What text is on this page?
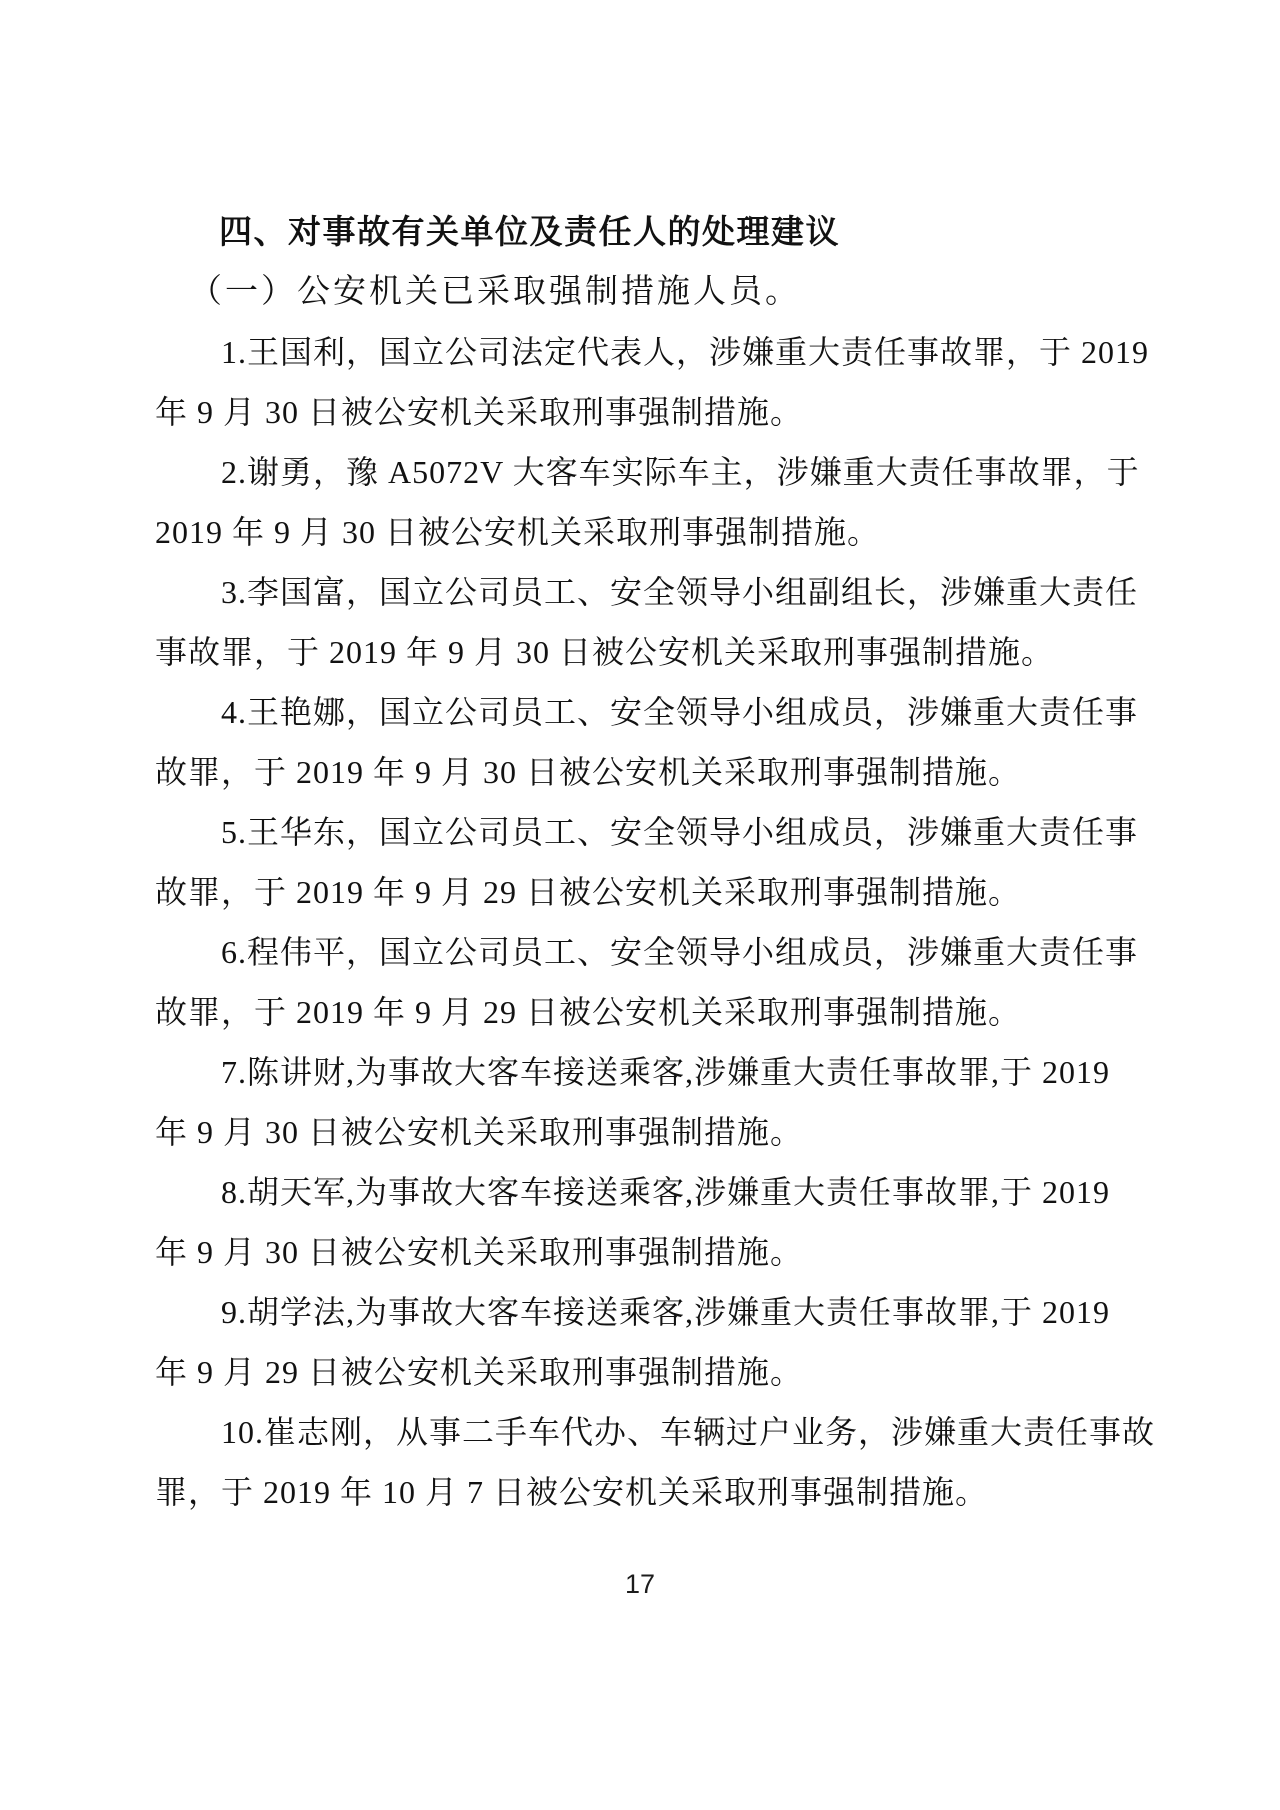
四、对事故有关单位及责任人的处理建议
（一）公安机关已采取强制措施人员。
1.王国利，国立公司法定代表人，涉嫌重大责任事故罪，于 2019
年 9 月 30 日被公安机关采取刑事强制措施。
2.谢勇，豫 A5072V 大客车实际车主，涉嫌重大责任事故罪，于
2019 年 9 月 30 日被公安机关采取刑事强制措施。
3.李国富，国立公司员工、安全领导小组副组长，涉嫌重大责任
事故罪，于 2019 年 9 月 30 日被公安机关采取刑事强制措施。
4.王艳娜，国立公司员工、安全领导小组成员，涉嫌重大责任事
故罪，于 2019 年 9 月 30 日被公安机关采取刑事强制措施。
5.王华东，国立公司员工、安全领导小组成员，涉嫌重大责任事
故罪，于 2019 年 9 月 29 日被公安机关采取刑事强制措施。
6.程伟平，国立公司员工、安全领导小组成员，涉嫌重大责任事
故罪，于 2019 年 9 月 29 日被公安机关采取刑事强制措施。
7.陈讲财,为事故大客车接送乘客,涉嫌重大责任事故罪,于 2019
年 9 月 30 日被公安机关采取刑事强制措施。
8.胡天军,为事故大客车接送乘客,涉嫌重大责任事故罪,于 2019
年 9 月 30 日被公安机关采取刑事强制措施。
9.胡学法,为事故大客车接送乘客,涉嫌重大责任事故罪,于 2019
年 9 月 29 日被公安机关采取刑事强制措施。
10.崔志刚，从事二手车代办、车辆过户业务，涉嫌重大责任事故
罪，于 2019 年 10 月 7 日被公安机关采取刑事强制措施。
17
